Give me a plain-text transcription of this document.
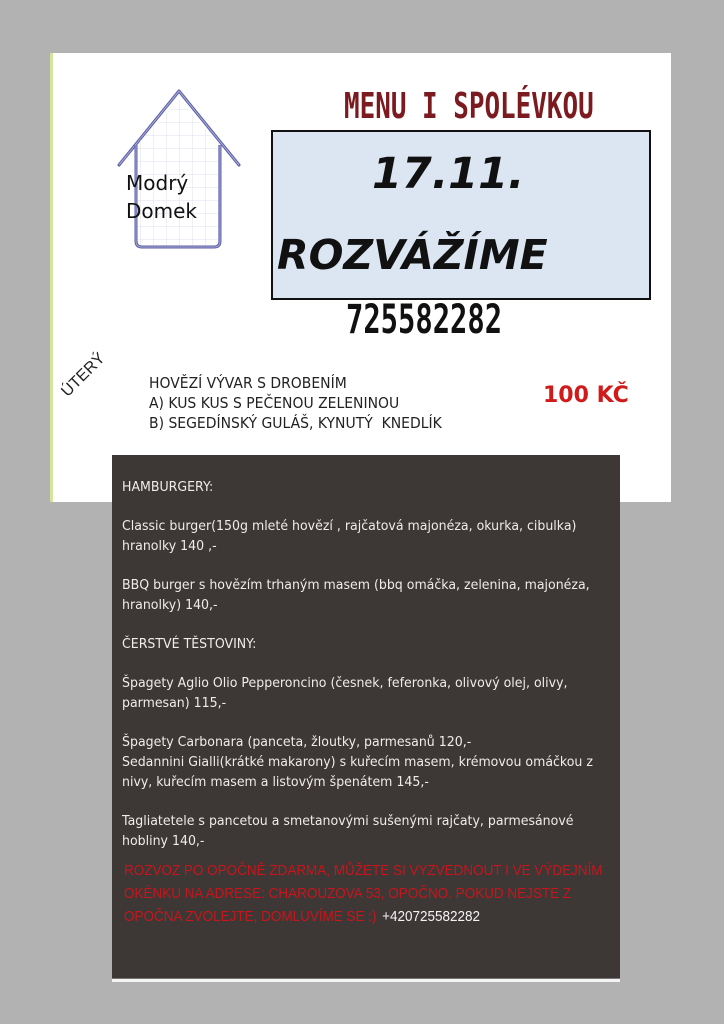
Modrý
Domek
MENU I SPOLÉVKOU
17.11.
ROZVÁŽÍME
725582282
ÚTERÝ	HOVĚZÍ VÝVAR S DROBENÍM
A) KUS KUS S PEČENOU ZELENINOU
B) SEGEDÍNSKÝ GULÁŠ, KYNUTÝ  KNEDLÍK
100 KČ
HAMBURGERY:
Classic burger(150g mleté hovězí , rajčatová majonéza, okurka, cibulka)
hranolky 140 ,-
BBQ burger s hovězím trhaným masem (bbq omáčka, zelenina, majonéza,
hranolky) 140,-
ČERSTVÉ TĚSTOVINY:
Špagety Aglio Olio Pepperoncino (česnek, feferonka, olivový olej, olivy,
parmesan) 115,-
Špagety Carbonara (panceta, žloutky, parmesanů 120,-
Sedannini Gialli(krátké makarony) s kuřecím masem, krémovou omáčkou z
nivy, kuřecím masem a listovým špenátem 145,-
Tagliatetele s pancetou a smetanovými sušenými rajčaty, parmesánové
hobliny 140,-
ROZVOZ PO OPOČNĚ ZDARMA, MŮŽETE SI VYZVEDNOUT I VE VÝDEJNÍM
OKÉNKU NA ADRESE: CHAROUZOVA 53, OPOČNO. POKUD NEJSTE Z
OPOČNA ZVOLEJTE, DOMLUVÍME SE :) +420725582282
